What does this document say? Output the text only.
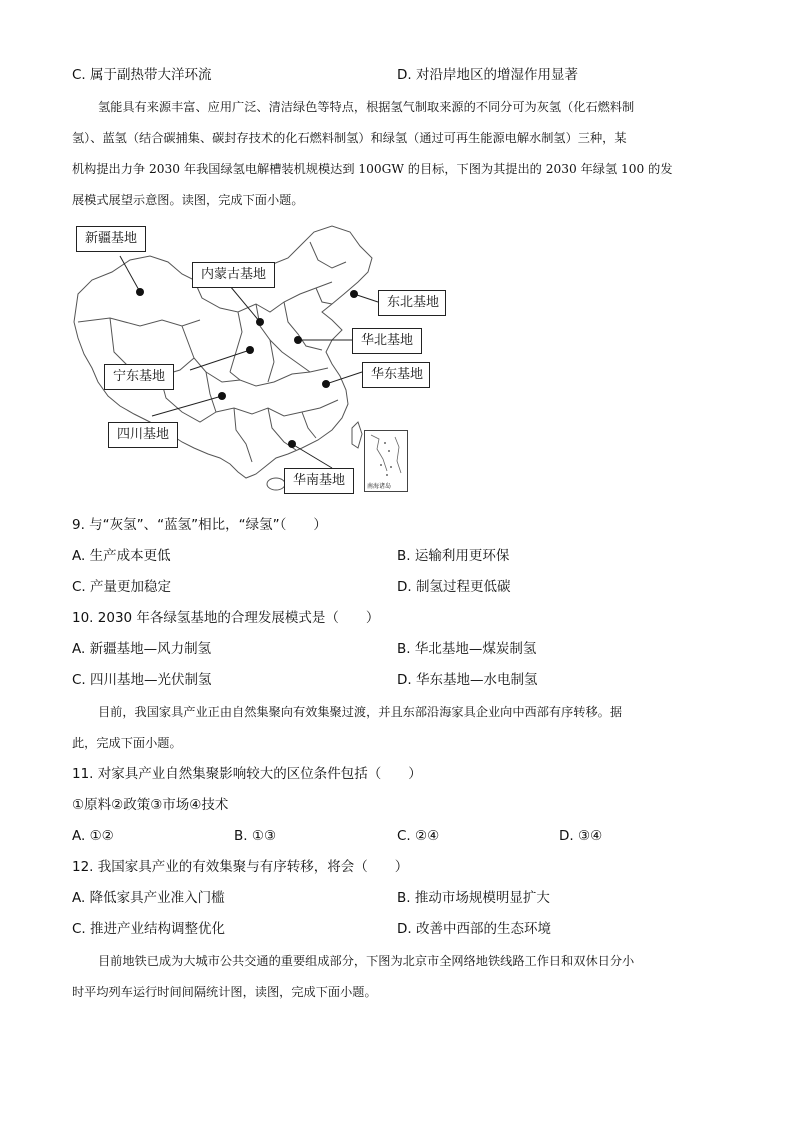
C. 属于副热带大洋环流	D. 对沿岸地区的增湿作用显著
氢能具有来源丰富、应用广泛、清洁绿色等特点，根据氢气制取来源的不同分可为灰氢（化石燃料制
氢）、蓝氢（结合碳捕集、碳封存技术的化石燃料制氢）和绿氢（通过可再生能源电解水制氢）三种，某
机构提出力争 2030 年我国绿氢电解槽装机规模达到 100GW 的目标，下图为其提出的 2030 年绿氢 100 的发
展模式展望示意图。读图，完成下面小题。
新疆基地
内蒙古基地
东北基地
华北基地
宁东基地	华东基地
四川基地
华南基地	南海诸岛
9. 与“灰氢”、“蓝氢”相比，“绿氢”（　　）
A. 生产成本更低	B. 运输利用更环保
C. 产量更加稳定	D. 制氢过程更低碳
10. 2030 年各绿氢基地的合理发展模式是（　　）
A. 新疆基地—风力制氢	B. 华北基地—煤炭制氢
C. 四川基地—光伏制氢	D. 华东基地—水电制氢
目前，我国家具产业正由自然集聚向有效集聚过渡，并且东部沿海家具企业向中西部有序转移。据
此，完成下面小题。
11. 对家具产业自然集聚影响较大的区位条件包括（　　）
①原料②政策③市场④技术
A. ①②	B. ①③	C. ②④	D. ③④
12. 我国家具产业的有效集聚与有序转移，将会（　　）
A. 降低家具产业准入门槛	B. 推动市场规模明显扩大
C. 推进产业结构调整优化	D. 改善中西部的生态环境
目前地铁已成为大城市公共交通的重要组成部分，下图为北京市全网络地铁线路工作日和双休日分小
时平均列车运行时间间隔统计图，读图，完成下面小题。
